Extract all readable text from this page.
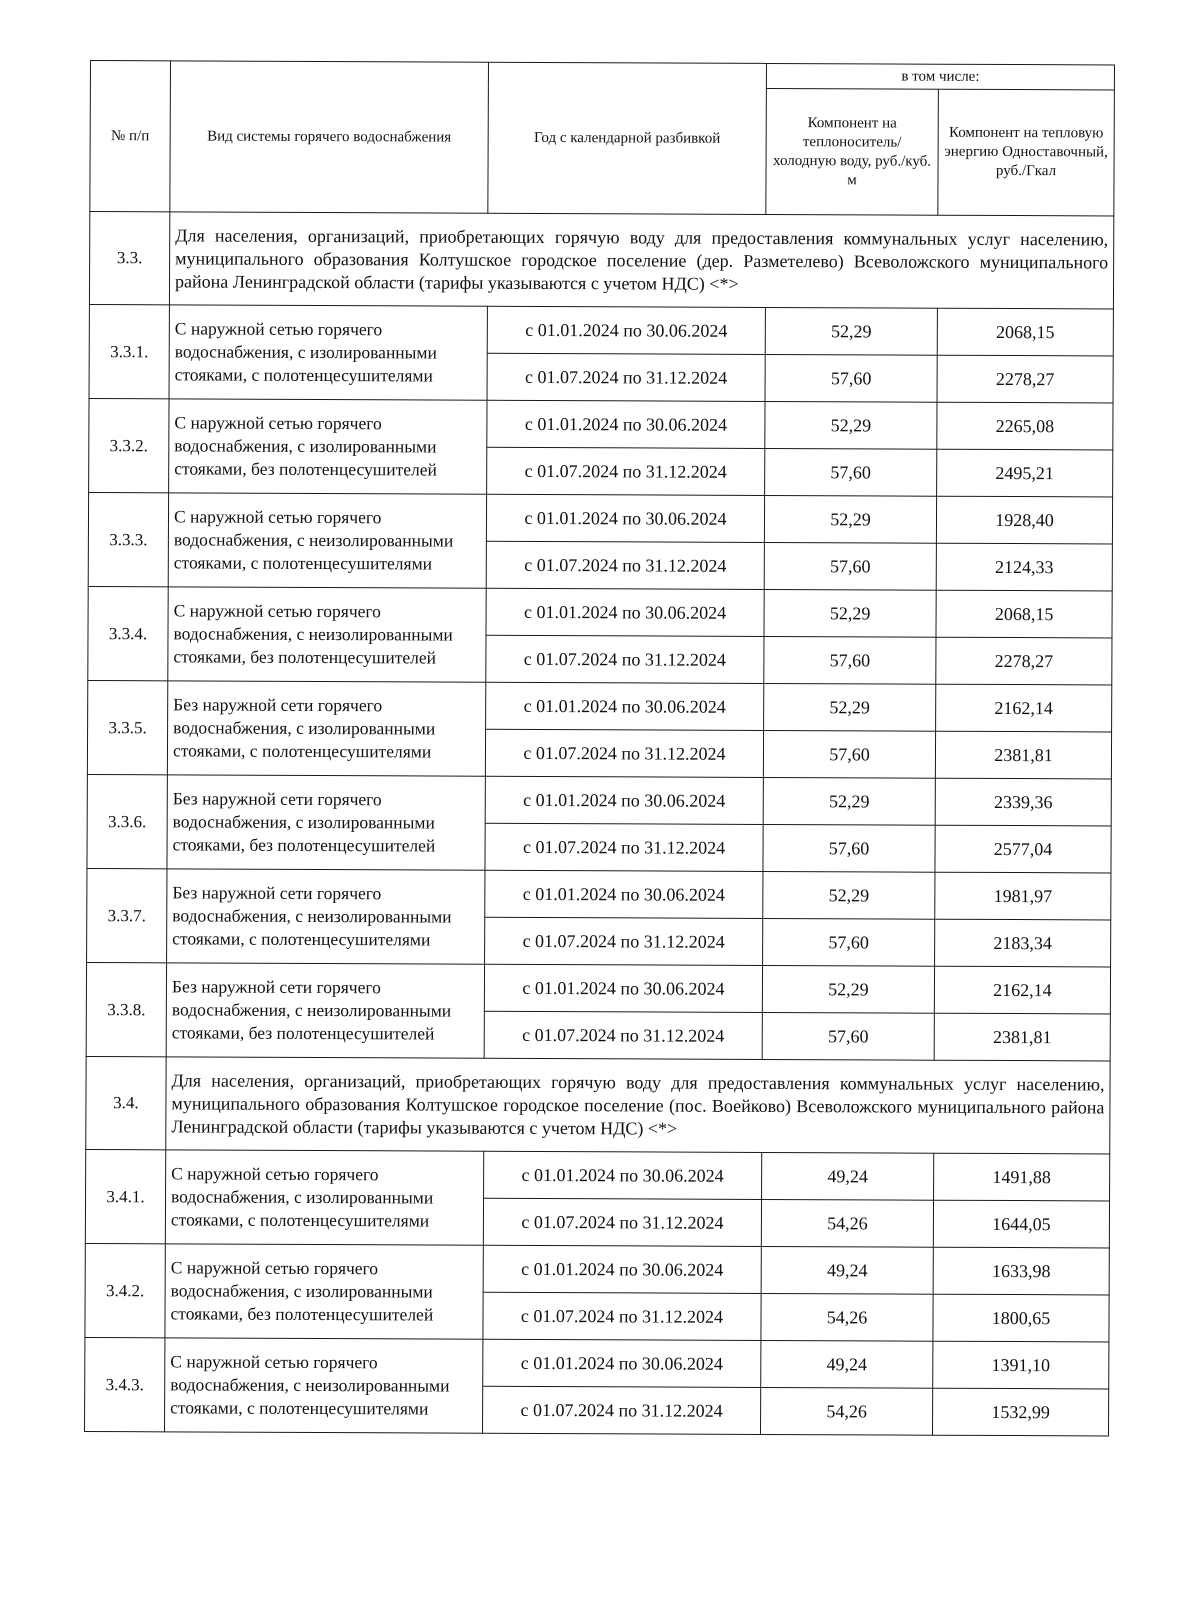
№ п/п	Вид системы горячего водоснабжения	Год с календарной разбивкой	в том числе:	
			Компонент на теплоноситель/ холодную воду, руб./куб. м	Компонент на тепловую энергию Одноставочный, руб./Гкал
3.3.	Для населения, организаций, приобретающих горячую воду для предоставления коммунальных услуг населению, муниципального образования Колтушское городское поселение (дер. Разметелево) Всеволожского муниципального района Ленинградской области (тарифы указываются с учетом НДС) <*>			
3.3.1.	С наружной сетью горячего водоснабжения, с изолированными стояками, с полотенцесушителями	с 01.01.2024 по 30.06.2024	52,29	2068,15
		с 01.07.2024 по 31.12.2024	57,60	2278,27
3.3.2.	С наружной сетью горячего водоснабжения, с изолированными стояками, без полотенцесушителей	с 01.01.2024 по 30.06.2024	52,29	2265,08
		с 01.07.2024 по 31.12.2024	57,60	2495,21
3.3.3.	С наружной сетью горячего водоснабжения, с неизолированными стояками, с полотенцесушителями	с 01.01.2024 по 30.06.2024	52,29	1928,40
		с 01.07.2024 по 31.12.2024	57,60	2124,33
3.3.4.	С наружной сетью горячего водоснабжения, с неизолированными стояками, без полотенцесушителей	с 01.01.2024 по 30.06.2024	52,29	2068,15
		с 01.07.2024 по 31.12.2024	57,60	2278,27
3.3.5.	Без наружной сети горячего водоснабжения, с изолированными стояками, с полотенцесушителями	с 01.01.2024 по 30.06.2024	52,29	2162,14
		с 01.07.2024 по 31.12.2024	57,60	2381,81
3.3.6.	Без наружной сети горячего водоснабжения, с изолированными стояками, без полотенцесушителей	с 01.01.2024 по 30.06.2024	52,29	2339,36
		с 01.07.2024 по 31.12.2024	57,60	2577,04
3.3.7.	Без наружной сети горячего водоснабжения, с неизолированными стояками, с полотенцесушителями	с 01.01.2024 по 30.06.2024	52,29	1981,97
		с 01.07.2024 по 31.12.2024	57,60	2183,34
3.3.8.	Без наружной сети горячего водоснабжения, с неизолированными стояками, без полотенцесушителей	с 01.01.2024 по 30.06.2024	52,29	2162,14
		с 01.07.2024 по 31.12.2024	57,60	2381,81
3.4.	Для населения, организаций, приобретающих горячую воду для предоставления коммунальных услуг населению, муниципального образования Колтушское городское поселение (пос. Воейково) Всеволожского муниципального района Ленинградской области (тарифы указываются с учетом НДС) <*>			
3.4.1.	С наружной сетью горячего водоснабжения, с изолированными стояками, с полотенцесушителями	с 01.01.2024 по 30.06.2024	49,24	1491,88
		с 01.07.2024 по 31.12.2024	54,26	1644,05
3.4.2.	С наружной сетью горячего водоснабжения, с изолированными стояками, без полотенцесушителей	с 01.01.2024 по 30.06.2024	49,24	1633,98
		с 01.07.2024 по 31.12.2024	54,26	1800,65
3.4.3.	С наружной сетью горячего водоснабжения, с неизолированными стояками, с полотенцесушителями	с 01.01.2024 по 30.06.2024	49,24	1391,10
		с 01.07.2024 по 31.12.2024	54,26	1532,99
